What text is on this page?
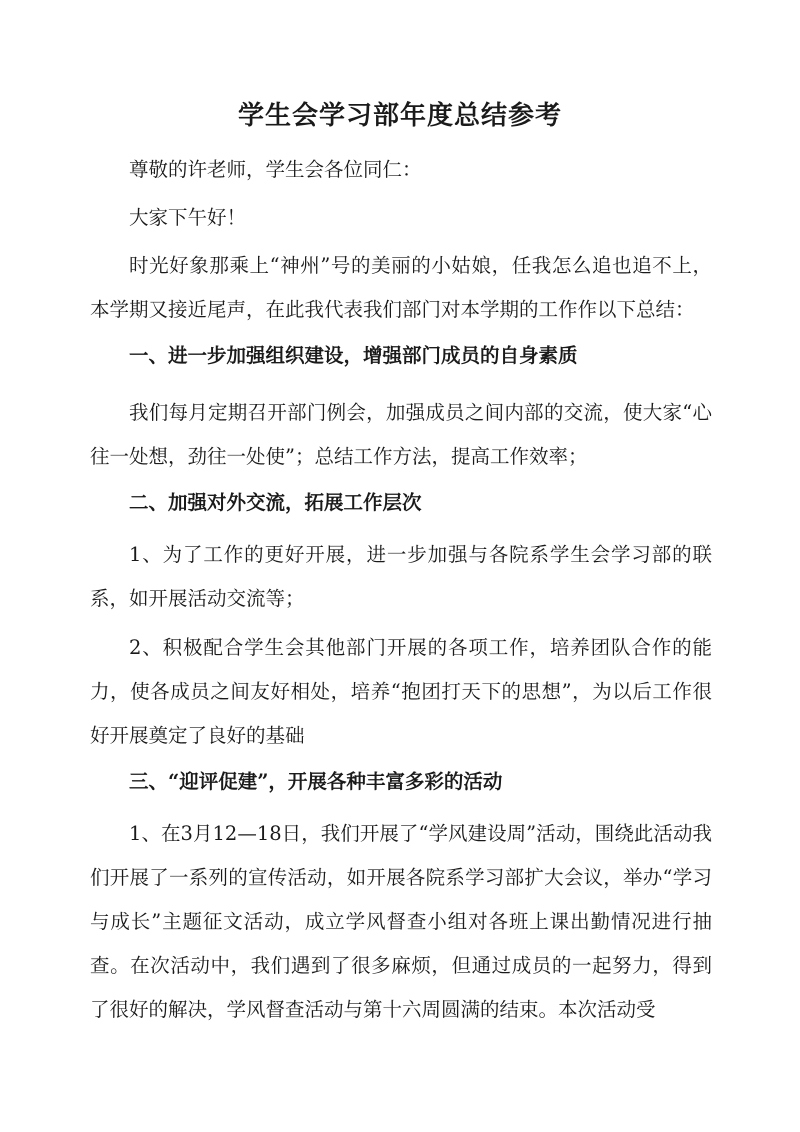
学生会学习部年度总结参考

尊敬的许老师，学生会各位同仁：

大家下午好！

时光好象那乘上“神州”号的美丽的小姑娘，任我怎么追也追不上，本学期又接近尾声，在此我代表我们部门对本学期的工作作以下总结：

一、进一步加强组织建设，增强部门成员的自身素质

我们每月定期召开部门例会，加强成员之间内部的交流，使大家“心往一处想，劲往一处使”；总结工作方法，提高工作效率；

二、加强对外交流，拓展工作层次

1、为了工作的更好开展，进一步加强与各院系学生会学习部的联系，如开展活动交流等；

2、积极配合学生会其他部门开展的各项工作，培养团队合作的能力，使各成员之间友好相处，培养“抱团打天下的思想”，为以后工作很好开展奠定了良好的基础

三、“迎评促建”，开展各种丰富多彩的活动

1、在3月12—18日，我们开展了“学风建设周”活动，围绕此活动我们开展了一系列的宣传活动，如开展各院系学习部扩大会议，举办“学习与成长”主题征文活动，成立学风督查小组对各班上课出勤情况进行抽查。在次活动中，我们遇到了很多麻烦，但通过成员的一起努力，得到了很好的解决，学风督查活动与第十六周圆满的结束。本次活动受
